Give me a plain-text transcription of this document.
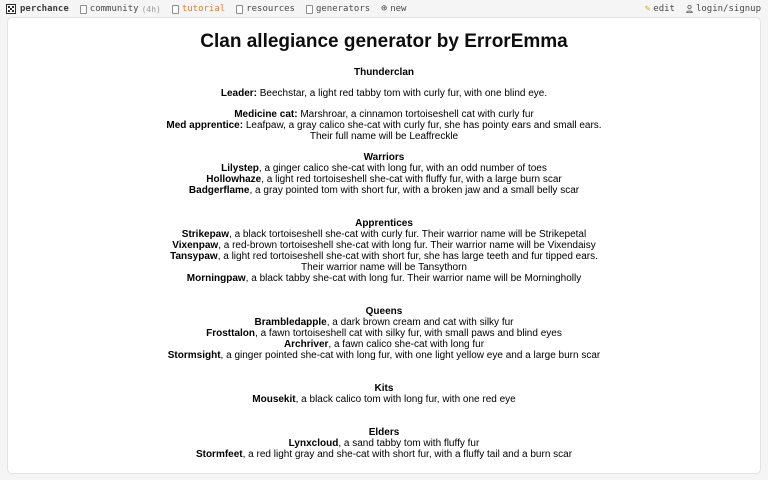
perchance community (4h) tutorial resources generators ⊕ new	✎ edit login/signup
Clan allegiance generator by ErrorEmma
Thunderclan
Leader: Beechstar, a light red tabby tom with curly fur, with one blind eye.
Medicine cat: Marshroar, a cinnamon tortoiseshell cat with curly fur
Med apprentice: Leafpaw, a gray calico she-cat with curly fur, she has pointy ears and small ears. Their full name will be Leaffreckle
Warriors
Lilystep, a ginger calico she-cat with long fur, with an odd number of toes
Hollowhaze, a light red tortoiseshell she-cat with fluffy fur, with a large burn scar
Badgerflame, a gray pointed tom with short fur, with a broken jaw and a small belly scar
Apprentices
Strikepaw, a black tortoiseshell she-cat with curly fur. Their warrior name will be Strikepetal
Vixenpaw, a red-brown tortoiseshell she-cat with long fur. Their warrior name will be Vixendaisy
Tansypaw, a light red tortoiseshell she-cat with short fur, she has large teeth and fur tipped ears. Their warrior name will be Tansythorn
Morningpaw, a black tabby she-cat with long fur. Their warrior name will be Morningholly
Queens
Brambledapple, a dark brown cream and cat with silky fur
Frosttalon, a fawn tortoiseshell cat with silky fur, with small paws and blind eyes
Archriver, a fawn calico she-cat with long fur
Stormsight, a ginger pointed she-cat with long fur, with one light yellow eye and a large burn scar
Kits
Mousekit, a black calico tom with long fur, with one red eye
Elders
Lynxcloud, a sand tabby tom with fluffy fur
Stormfeet, a red light gray and she-cat with short fur, with a fluffy tail and a burn scar
